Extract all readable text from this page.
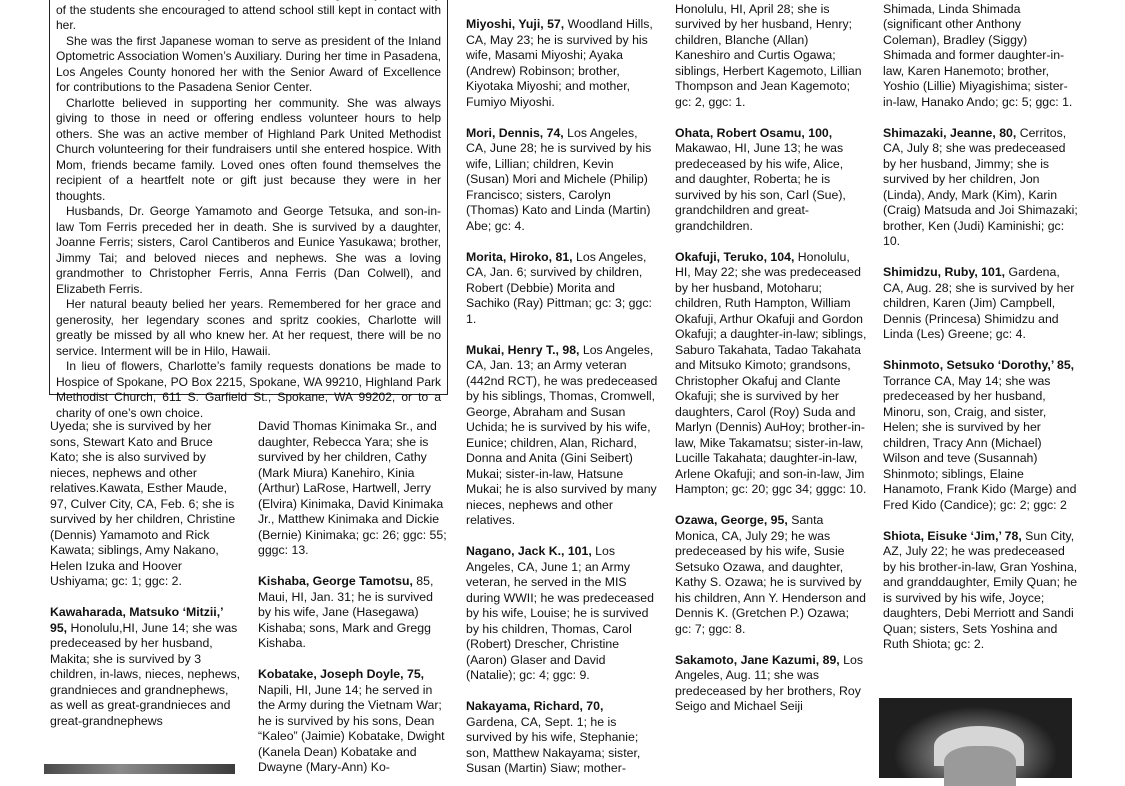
of the students she encouraged to attend school still kept in contact with her.

She was the first Japanese woman to serve as president of the Inland Optometric Association Women’s Auxiliary. During her time in Pasadena, Los Angeles County honored her with the Senior Award of Excellence for contributions to the Pasadena Senior Center.

Charlotte believed in supporting her community. She was always giving to those in need or offering endless volunteer hours to help others. She was an active member of Highland Park United Methodist Church volunteering for their fundraisers until she entered hospice. With Mom, friends became family. Loved ones often found themselves the recipient of a heartfelt note or gift just because they were in her thoughts.

Husbands, Dr. George Yamamoto and George Tetsuka, and son-in-law Tom Ferris preceded her in death. She is survived by a daughter, Joanne Ferris; sisters, Carol Cantiberos and Eunice Yasukawa; brother, Jimmy Tai; and beloved nieces and nephews. She was a loving grandmother to Christopher Ferris, Anna Ferris (Dan Colwell), and Elizabeth Ferris.

Her natural beauty belied her years. Remembered for her grace and generosity, her legendary scones and spritz cookies, Charlotte will greatly be missed by all who knew her. At her request, there will be no service. Interment will be in Hilo, Hawaii.

In lieu of flowers, Charlotte’s family requests donations be made to Hospice of Spokane, PO Box 2215, Spokane, WA 99210, Highland Park Methodist Church, 611 S. Garfield St., Spokane, WA 99202, or to a charity of one’s own choice.

Uyeda; she is survived by her sons, Stewart Kato and Bruce Kato; she is also survived by nieces, nephews and other relatives.Kawata, Esther Maude, 97, Culver City, CA, Feb. 6; she is survived by her children, Christine (Dennis) Yamamoto and Rick Kawata; siblings, Amy Nakano, Helen Izuka and Hoover Ushiyama; gc: 1; ggc: 2.
Kawaharada, Matsuko ‘Mitzii,’ 95, Honolulu,HI, June 14; she was predeceased by her husband, Makita; she is survived by 3 children, in-laws, nieces, nephews, grandnieces and grandnephews, as well as great-grandnieces and great-grandnephews
David Thomas Kinimaka Sr., and daughter, Rebecca Yara; she is survived by her children, Cathy (Mark Miura) Kanehiro, Kinia (Arthur) LaRose, Hartwell, Jerry (Elvira) Kinimaka, David Kinimaka Jr., Matthew Kinimaka and Dickie (Bernie) Kinimaka; gc: 26; ggc: 55; gggc: 13.
Kishaba, George Tamotsu, 85, Maui, HI, Jan. 31; he is survived by his wife, Jane (Hasegawa) Kishaba; sons, Mark and Gregg Kishaba.
Kobatake, Joseph Doyle, 75, Napili, HI, June 14; he served in the Army during the Vietnam War; he is survived by his sons, Dean “Kaleo” (Jaimie) Kobatake, Dwight (Kanela Dean) Kobatake and Dwayne (Mary-Ann) Ko-
Miyoshi, Yuji, 57, Woodland Hills, CA, May 23; he is survived by his wife, Masami Miyoshi; Ayaka (Andrew) Robinson; brother, Kiyotaka Miyoshi; and mother, Fumiyo Miyoshi.
Mori, Dennis, 74, Los Angeles, CA, June 28; he is survived by his wife, Lillian; children, Kevin (Susan) Mori and Michele (Philip) Francisco; sisters, Carolyn (Thomas) Kato and Linda (Martin) Abe; gc: 4.
Morita, Hiroko, 81, Los Angeles, CA, Jan. 6; survived by children, Robert (Debbie) Morita and Sachiko (Ray) Pittman; gc: 3; ggc: 1.
Mukai, Henry T., 98, Los Angeles, CA, Jan. 13; an Army veteran (442nd RCT), he was predeceased by his siblings, Thomas, Cromwell, George, Abraham and Susan Uchida; he is survived by his wife, Eunice; children, Alan, Richard, Donna and Anita (Gini Seibert) Mukai; sister-in-law, Hatsune Mukai; he is also survived by many nieces, nephews and other relatives.
Nagano, Jack K., 101, Los Angeles, CA, June 1; an Army veteran, he served in the MIS during WWII; he was predeceased by his wife, Louise; he is survived by his children, Thomas, Carol (Robert) Drescher, Christine (Aaron) Glaser and David (Natalie); gc: 4; ggc: 9.
Nakayama, Richard, 70, Gardena, CA, Sept. 1; he is survived by his wife, Stephanie; son, Matthew Nakayama; sister, Susan (Martin) Siaw; mother-
Honolulu, HI, April 28; she is survived by her husband, Henry; children, Blanche (Allan) Kaneshiro and Curtis Ogawa; siblings, Herbert Kagemoto, Lillian Thompson and Jean Kagemoto; gc: 2, ggc: 1.
Ohata, Robert Osamu, 100, Makawao, HI, June 13; he was predeceased by his wife, Alice, and daughter, Roberta; he is survived by his son, Carl (Sue), grandchildren and great-grandchildren.
Okafuji, Teruko, 104, Honolulu, HI, May 22; she was predeceased by her husband, Motoharu; children, Ruth Hampton, William Okafuji, Arthur Okafuji and Gordon Okafuji; a daughter-in-law; siblings, Saburo Takahata, Tadao Takahata and Mitsuko Kimoto; grandsons, Christopher Okafuj and Clante Okafuji; she is survived by her daughters, Carol (Roy) Suda and Marlyn (Dennis) AuHoy; brother-in-law, Mike Takamatsu; sister-in-law, Lucille Takahata; daughter-in-law, Arlene Okafuji; and son-in-law, Jim Hampton; gc: 20; ggc 34; gggc: 10.
Ozawa, George, 95, Santa Monica, CA, July 29; he was predeceased by his wife, Susie Setsuko Ozawa, and daughter, Kathy S. Ozawa; he is survived by his children, Ann Y. Henderson and Dennis K. (Gretchen P.) Ozawa; gc: 7; ggc: 8.
Sakamoto, Jane Kazumi, 89, Los Angeles, Aug. 11; she was predeceased by her brothers, Roy Seigo and Michael Seiji
Shimada, Linda Shimada (significant other Anthony Coleman), Bradley (Siggy) Shimada and former daughter-in-law, Karen Hanemoto; brother, Yoshio (Lillie) Miyagishima; sister-in-law, Hanako Ando; gc: 5; ggc: 1.
Shimazaki, Jeanne, 80, Cerritos, CA, July 8; she was predeceased by her husband, Jimmy; she is survived by her children, Jon (Linda), Andy, Mark (Kim), Karin (Craig) Matsuda and Joi Shimazaki; brother, Ken (Judi) Kaminishi; gc: 10.
Shimidzu, Ruby, 101, Gardena, CA, Aug. 28; she is survived by her children, Karen (Jim) Campbell, Dennis (Princesa) Shimidzu and Linda (Les) Greene; gc: 4.
Shinmoto, Setsuko ‘Dorothy,’ 85, Torrance CA, May 14; she was predeceased by her husband, Minoru, son, Craig, and sister, Helen; she is survived by her children, Tracy Ann (Michael) Wilson and teve (Susannah) Shinmoto; siblings, Elaine Hanamoto, Frank Kido (Marge) and Fred Kido (Candice); gc: 2; ggc: 2
Shiota, Eisuke ‘Jim,’ 78, Sun City, AZ, July 22; he was predeceased by his brother-in-law, Gran Yoshina, and granddaughter, Emily Quan; he is survived by his wife, Joyce; daughters, Debi Merriott and Sandi Quan; sisters, Sets Yoshina and Ruth Shiota; gc: 2.
